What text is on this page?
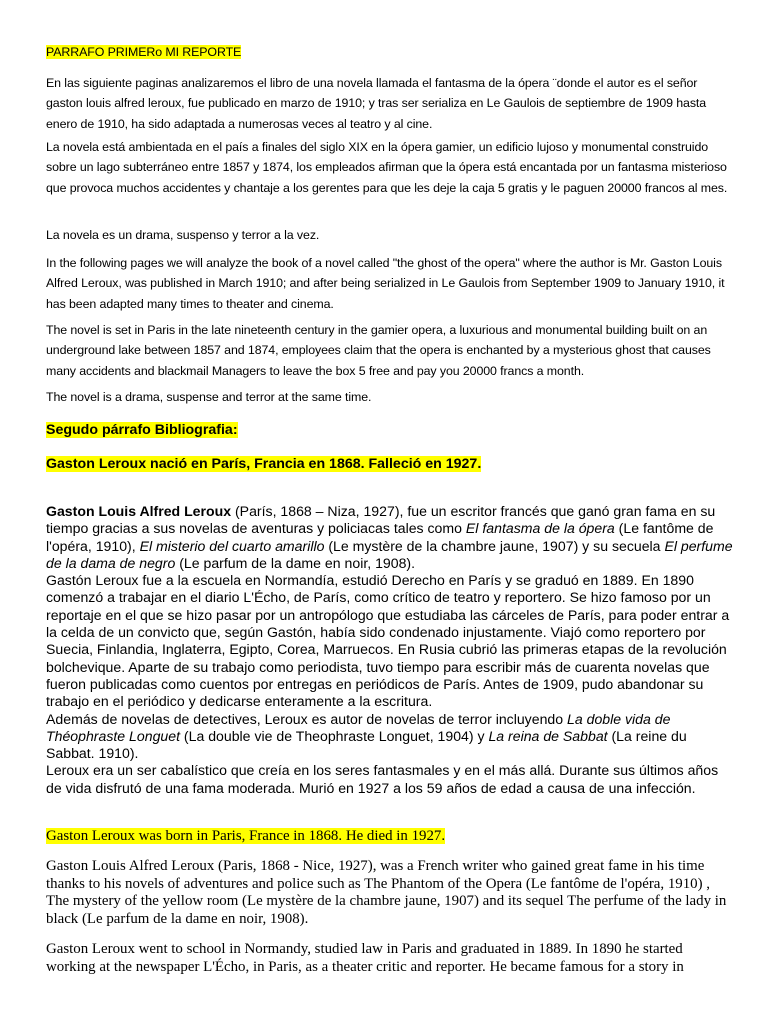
PARRAFO PRIMERo MI REPORTE

En las siguiente paginas analizaremos el libro de una novela llamada el fantasma de la ópera ¨donde el autor es el señor gaston louis alfred leroux, fue publicado en marzo de 1910; y tras ser serializa en Le Gaulois de septiembre de 1909 hasta enero de 1910, ha sido adaptada a numerosas veces al teatro y al cine.

La novela está ambientada en el país a finales del siglo XIX en la ópera gamier, un edificio lujoso y monumental construido sobre un lago subterráneo entre 1857 y 1874, los empleados afirman que la ópera está encantada por un fantasma misterioso que provoca muchos accidentes y chantaje a los gerentes para que les deje la caja 5 gratis y le paguen 20000 francos al mes.

La novela es un drama, suspenso y terror a la vez.

In the following pages we will analyze the book of a novel called "the ghost of the opera" where the author is Mr. Gaston Louis Alfred Leroux, was published in March 1910; and after being serialized in Le Gaulois from September 1909 to January 1910, it has been adapted many times to theater and cinema.

The novel is set in Paris in the late nineteenth century in the gamier opera, a luxurious and monumental building built on an underground lake between 1857 and 1874, employees claim that the opera is enchanted by a mysterious ghost that causes many accidents and blackmail Managers to leave the box 5 free and pay you 20000 francs a month.

The novel is a drama, suspense and terror at the same time.

Segudo párrafo Bibliografia:

Gaston Leroux nació en París, Francia en 1868. Falleció en 1927.

Gaston Louis Alfred Leroux (París, 1868 – Niza, 1927), fue un escritor francés que ganó gran fama en su tiempo gracias a sus novelas de aventuras y policiacas tales como El fantasma de la ópera (Le fantôme de l'opéra, 1910), El misterio del cuarto amarillo (Le mystère de la chambre jaune, 1907) y su secuela El perfume de la dama de negro (Le parfum de la dame en noir, 1908).
Gastón Leroux fue a la escuela en Normandía, estudió Derecho en París y se graduó en 1889. En 1890 comenzó a trabajar en el diario L'Écho, de París, como crítico de teatro y reportero. Se hizo famoso por un reportaje en el que se hizo pasar por un antropólogo que estudiaba las cárceles de París, para poder entrar a la celda de un convicto que, según Gastón, había sido condenado injustamente. Viajó como reportero por Suecia, Finlandia, Inglaterra, Egipto, Corea, Marruecos. En Rusia cubrió las primeras etapas de la revolución bolchevique. Aparte de su trabajo como periodista, tuvo tiempo para escribir más de cuarenta novelas que fueron publicadas como cuentos por entregas en periódicos de París. Antes de 1909, pudo abandonar su trabajo en el periódico y dedicarse enteramente a la escritura.
Además de novelas de detectives, Leroux es autor de novelas de terror incluyendo La doble vida de Théophraste Longuet (La double vie de Theophraste Longuet, 1904) y La reina de Sabbat (La reine du Sabbat. 1910).
Leroux era un ser cabalístico que creía en los seres fantasmales y en el más allá. Durante sus últimos años de vida disfrutó de una fama moderada. Murió en 1927 a los 59 años de edad a causa de una infección.

Gaston Leroux was born in Paris, France in 1868. He died in 1927.

Gaston Louis Alfred Leroux (Paris, 1868 - Nice, 1927), was a French writer who gained great fame in his time thanks to his novels of adventures and police such as The Phantom of the Opera (Le fantôme de l'opéra, 1910) , The mystery of the yellow room (Le mystère de la chambre jaune, 1907) and its sequel The perfume of the lady in black (Le parfum de la dame en noir, 1908).

Gaston Leroux went to school in Normandy, studied law in Paris and graduated in 1889. In 1890 he started working at the newspaper L'Écho, in Paris, as a theater critic and reporter. He became famous for a story in
